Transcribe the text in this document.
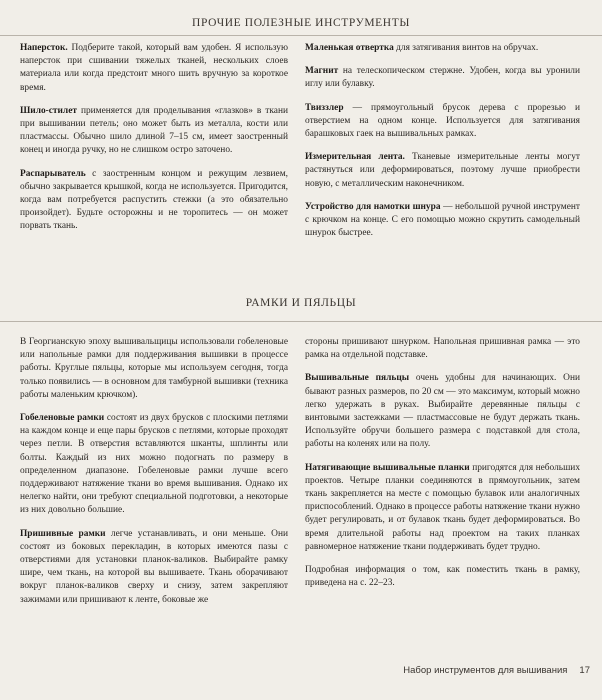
ПРОЧИЕ ПОЛЕЗНЫЕ ИНСТРУМЕНТЫ

Наперсток. Подберите такой, который вам удобен. Я использую наперсток при сшивании тяжелых тканей, нескольких слоев материала или когда предстоит много шить вручную за короткое время.

Шило-стилет применяется для проделывания «глазков» в ткани при вышивании петель; оно может быть из металла, кости или пластмассы. Обычно шило длиной 7–15 см, имеет заостренный конец и иногда ручку, но не слишком остро заточено.

Распарыватель с заостренным концом и режущим лезвием, обычно закрывается крышкой, когда не используется. Пригодится, когда вам потребуется распустить стежки (а это обязательно произойдет). Будьте осторожны и не торопитесь — он может порвать ткань.

Маленькая отвертка для затягивания винтов на обручах.

Магнит на телескопическом стержне. Удобен, когда вы уронили иглу или булавку.

Твиззлер — прямоугольный брусок дерева с прорезью и отверстием на одном конце. Используется для затягивания барашковых гаек на вышивальных рамках.

Измерительная лента. Тканевые измерительные ленты могут растянуться или деформироваться, поэтому лучше приобрести новую, с металлическим наконечником.

Устройство для намотки шнура — небольшой ручной инструмент с крючком на конце. С его помощью можно скрутить самодельный шнурок быстрее.

РАМКИ И ПЯЛЬЦЫ

В Георгианскую эпоху вышивальщицы использовали гобеленовые или напольные рамки для поддерживания вышивки в процессе работы. Круглые пяльцы, которые мы используем сегодня, тогда только появились — в основном для тамбурной вышивки (техника работы маленьким крючком).

Гобеленовые рамки состоят из двух брусков с плоскими петлями на каждом конце и еще пары брусков с петлями, которые проходят через петли. В отверстия вставляются шканты, шплинты или болты. Каждый из них можно подогнать по размеру в определенном диапазоне. Гобеленовые рамки лучше всего поддерживают натяжение ткани во время вышивания. Однако их нелегко найти, они требуют специальной подготовки, а некоторые из них довольно большие.

Пришивные рамки легче устанавливать, и они меньше. Они состоят из боковых перекладин, в которых имеются пазы с отверстиями для установки планок-валиков. Выбирайте рамку шире, чем ткань, на которой вы вышиваете. Ткань оборачивают вокруг планок-валиков сверху и снизу, затем закрепляют зажимами или пришивают к ленте, боковые же

стороны пришивают шнурком. Напольная пришивная рамка — это рамка на отдельной подставке.

Вышивальные пяльцы очень удобны для начинающих. Они бывают разных размеров, по 20 см — это максимум, который можно легко удержать в руках. Выбирайте деревянные пяльцы с винтовыми застежками — пластмассовые не будут держать ткань. Используйте обручи большего размера с подставкой для стола, работы на коленях или на полу.

Натягивающие вышивальные планки пригодятся для небольших проектов. Четыре планки соединяются в прямоугольник, затем ткань закрепляется на месте с помощью булавок или аналогичных приспособлений. Однако в процессе работы натяжение ткани нужно будет регулировать, и от булавок ткань будет деформироваться. Во время длительной работы над проектом на таких планках равномерное натяжение ткани поддерживать будет трудно.

Подробная информация о том, как поместить ткань в рамку, приведена на с. 22–23.

Набор инструментов для вышивания 17
